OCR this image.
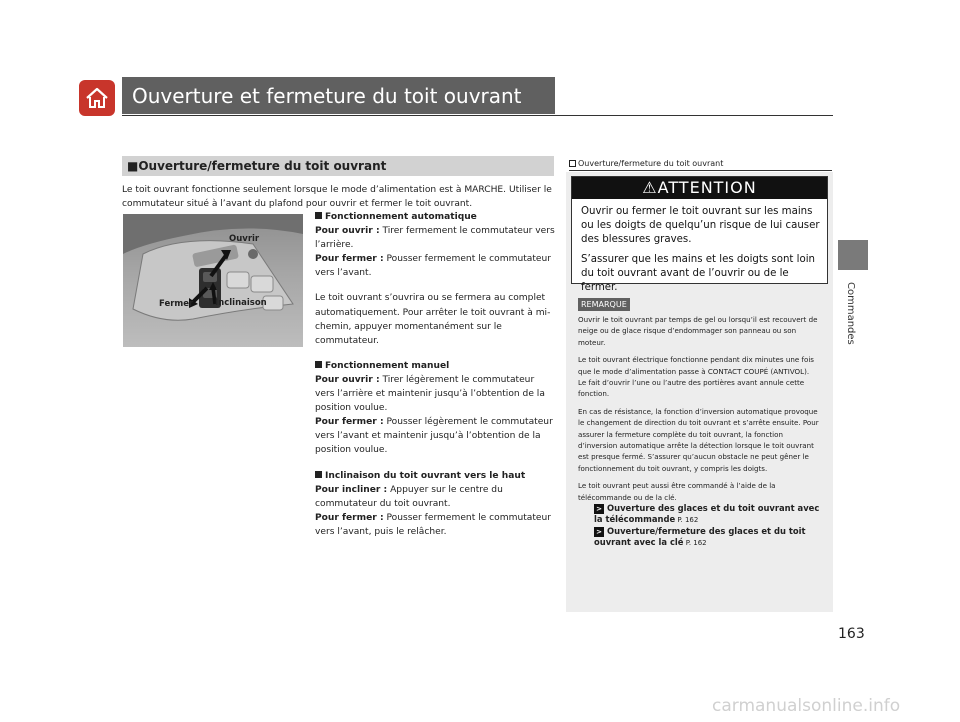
Ouverture et fermeture du toit ouvrant
Commandes
■Ouverture/fermeture du toit ouvrant
Le toit ouvrant fonctionne seulement lorsque le mode d’alimentation est à MARCHE. Utiliser le commutateur situé à l’avant du plafond pour ouvrir et fermer le toit ouvrant.
Ouvrir
Fermer	Inclinaison

Fonctionnement automatique

Pour ouvrir : Tirer fermement le commutateur vers l’arrière.

Pour fermer : Pousser fermement le commutateur vers l’avant.

Le toit ouvrant s’ouvrira ou se fermera au complet automatiquement. Pour arrêter le toit ouvrant à mi-chemin, appuyer momentanément sur le commutateur.

Fonctionnement manuel

Pour ouvrir : Tirer légèrement le commutateur vers l’arrière et maintenir jusqu’à l’obtention de la position voulue.

Pour fermer : Pousser légèrement le commutateur vers l’avant et maintenir jusqu’à l’obtention de la position voulue.

Inclinaison du toit ouvrant vers le haut

Pour incliner : Appuyer sur le centre du commutateur du toit ouvrant.

Pour fermer : Pousser fermement le commutateur vers l’avant, puis le relâcher.

Ouverture/fermeture du toit ouvrant
⚠ATTENTION

Ouvrir ou fermer le toit ouvrant sur les mains ou les doigts de quelqu’un risque de lui causer des blessures graves.

S’assurer que les mains et les doigts sont loin du toit ouvrant avant de l’ouvrir ou de le fermer.

REMARQUE

Ouvrir le toit ouvrant par temps de gel ou lorsqu’il est recouvert de neige ou de glace risque d’endommager son panneau ou son moteur.

Le toit ouvrant électrique fonctionne pendant dix minutes une fois que le mode d’alimentation passe à CONTACT COUPÉ (ANTIVOL).

Le fait d’ouvrir l’une ou l’autre des portières avant annule cette fonction.

En cas de résistance, la fonction d’inversion automatique provoque le changement de direction du toit ouvrant et s’arrête ensuite. Pour assurer la fermeture complète du toit ouvrant, la fonction d’inversion automatique arrête la détection lorsque le toit ouvrant est presque fermé. S’assurer qu’aucun obstacle ne peut gêner le fonctionnement du toit ouvrant, y compris les doigts.

Le toit ouvrant peut aussi être commandé à l’aide de la télécommande ou de la clé.

> Ouverture des glaces et du toit ouvrant avec la télécommande P. 162
> Ouverture/fermeture des glaces et du toit ouvrant avec la clé P. 162
163
carmanualsonline.info
